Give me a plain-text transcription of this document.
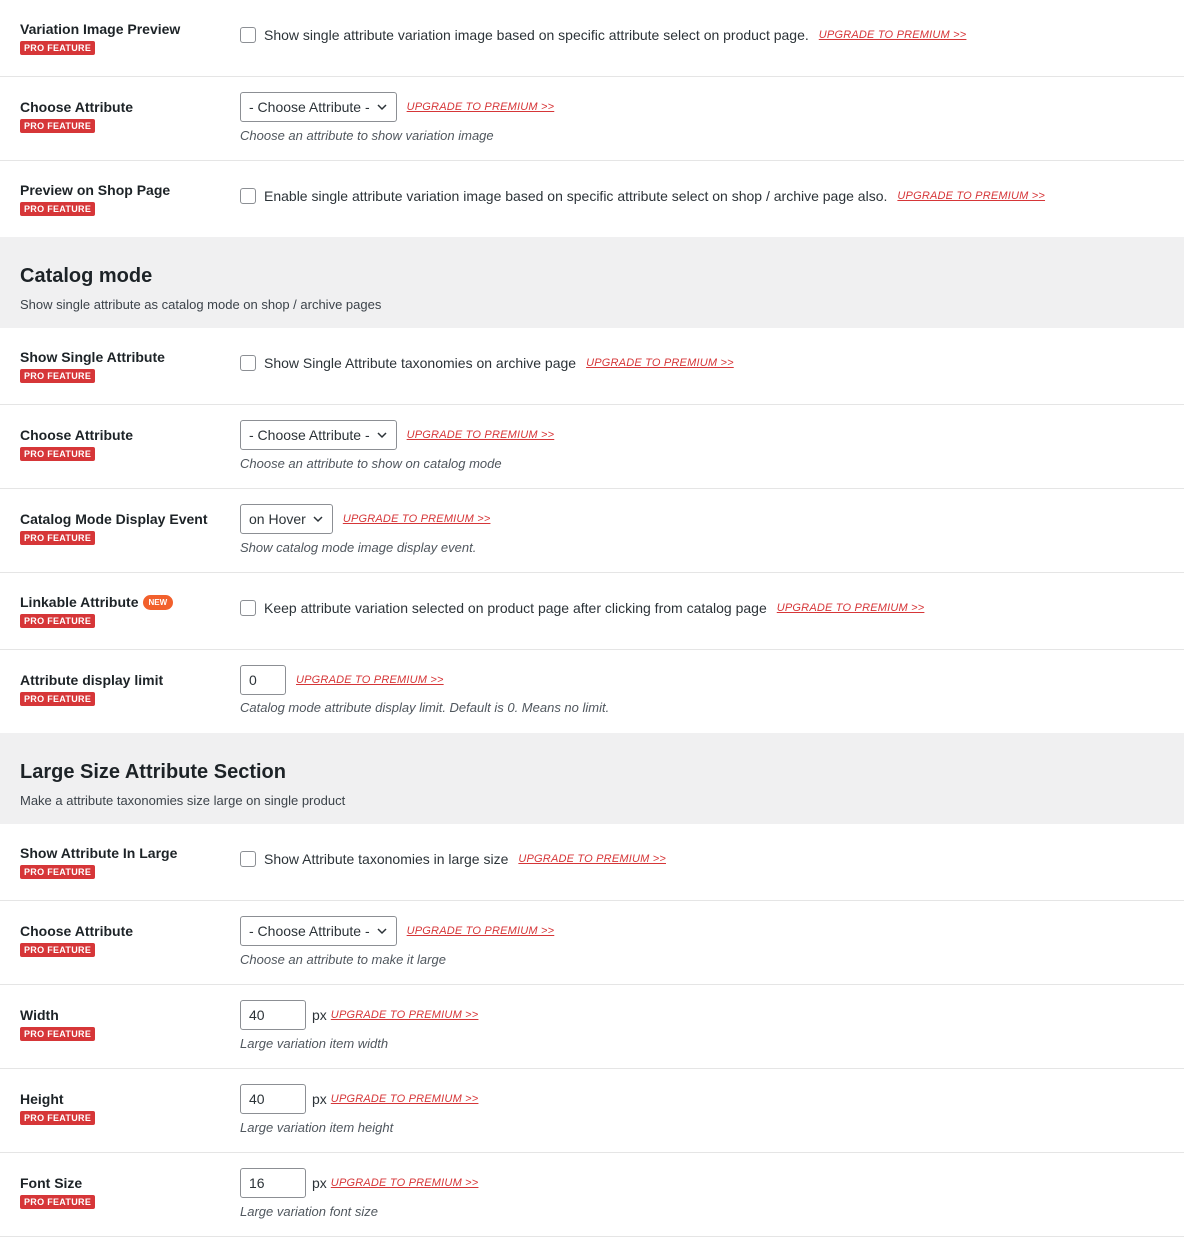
Variation Image Preview
PRO FEATURE
Show single attribute variation image based on specific attribute select on product page. UPGRADE TO PREMIUM >>
Choose Attribute
PRO FEATURE
- Choose Attribute -	UPGRADE TO PREMIUM >>
Choose an attribute to show variation image
Preview on Shop Page
PRO FEATURE
Enable single attribute variation image based on specific attribute select on shop / archive page also. UPGRADE TO PREMIUM >>
Catalog mode
Show single attribute as catalog mode on shop / archive pages
Show Single Attribute
PRO FEATURE
Show Single Attribute taxonomies on archive page UPGRADE TO PREMIUM >>
Choose Attribute
PRO FEATURE
- Choose Attribute -	UPGRADE TO PREMIUM >>
Choose an attribute to show on catalog mode
Catalog Mode Display Event
PRO FEATURE
on Hover	UPGRADE TO PREMIUM >>
Show catalog mode image display event.
Linkable Attribute NEW
PRO FEATURE
Keep attribute variation selected on product page after clicking from catalog page UPGRADE TO PREMIUM >>
Attribute display limit
PRO FEATURE
0	UPGRADE TO PREMIUM >>
Catalog mode attribute display limit. Default is 0. Means no limit.
Large Size Attribute Section
Make a attribute taxonomies size large on single product
Show Attribute In Large
PRO FEATURE
Show Attribute taxonomies in large size UPGRADE TO PREMIUM >>
Choose Attribute
PRO FEATURE
- Choose Attribute -	UPGRADE TO PREMIUM >>
Choose an attribute to make it large
Width
PRO FEATURE
40	px UPGRADE TO PREMIUM >>
Large variation item width
Height
PRO FEATURE
40	px UPGRADE TO PREMIUM >>
Large variation item height
Font Size
PRO FEATURE
16	px UPGRADE TO PREMIUM >>
Large variation font size
